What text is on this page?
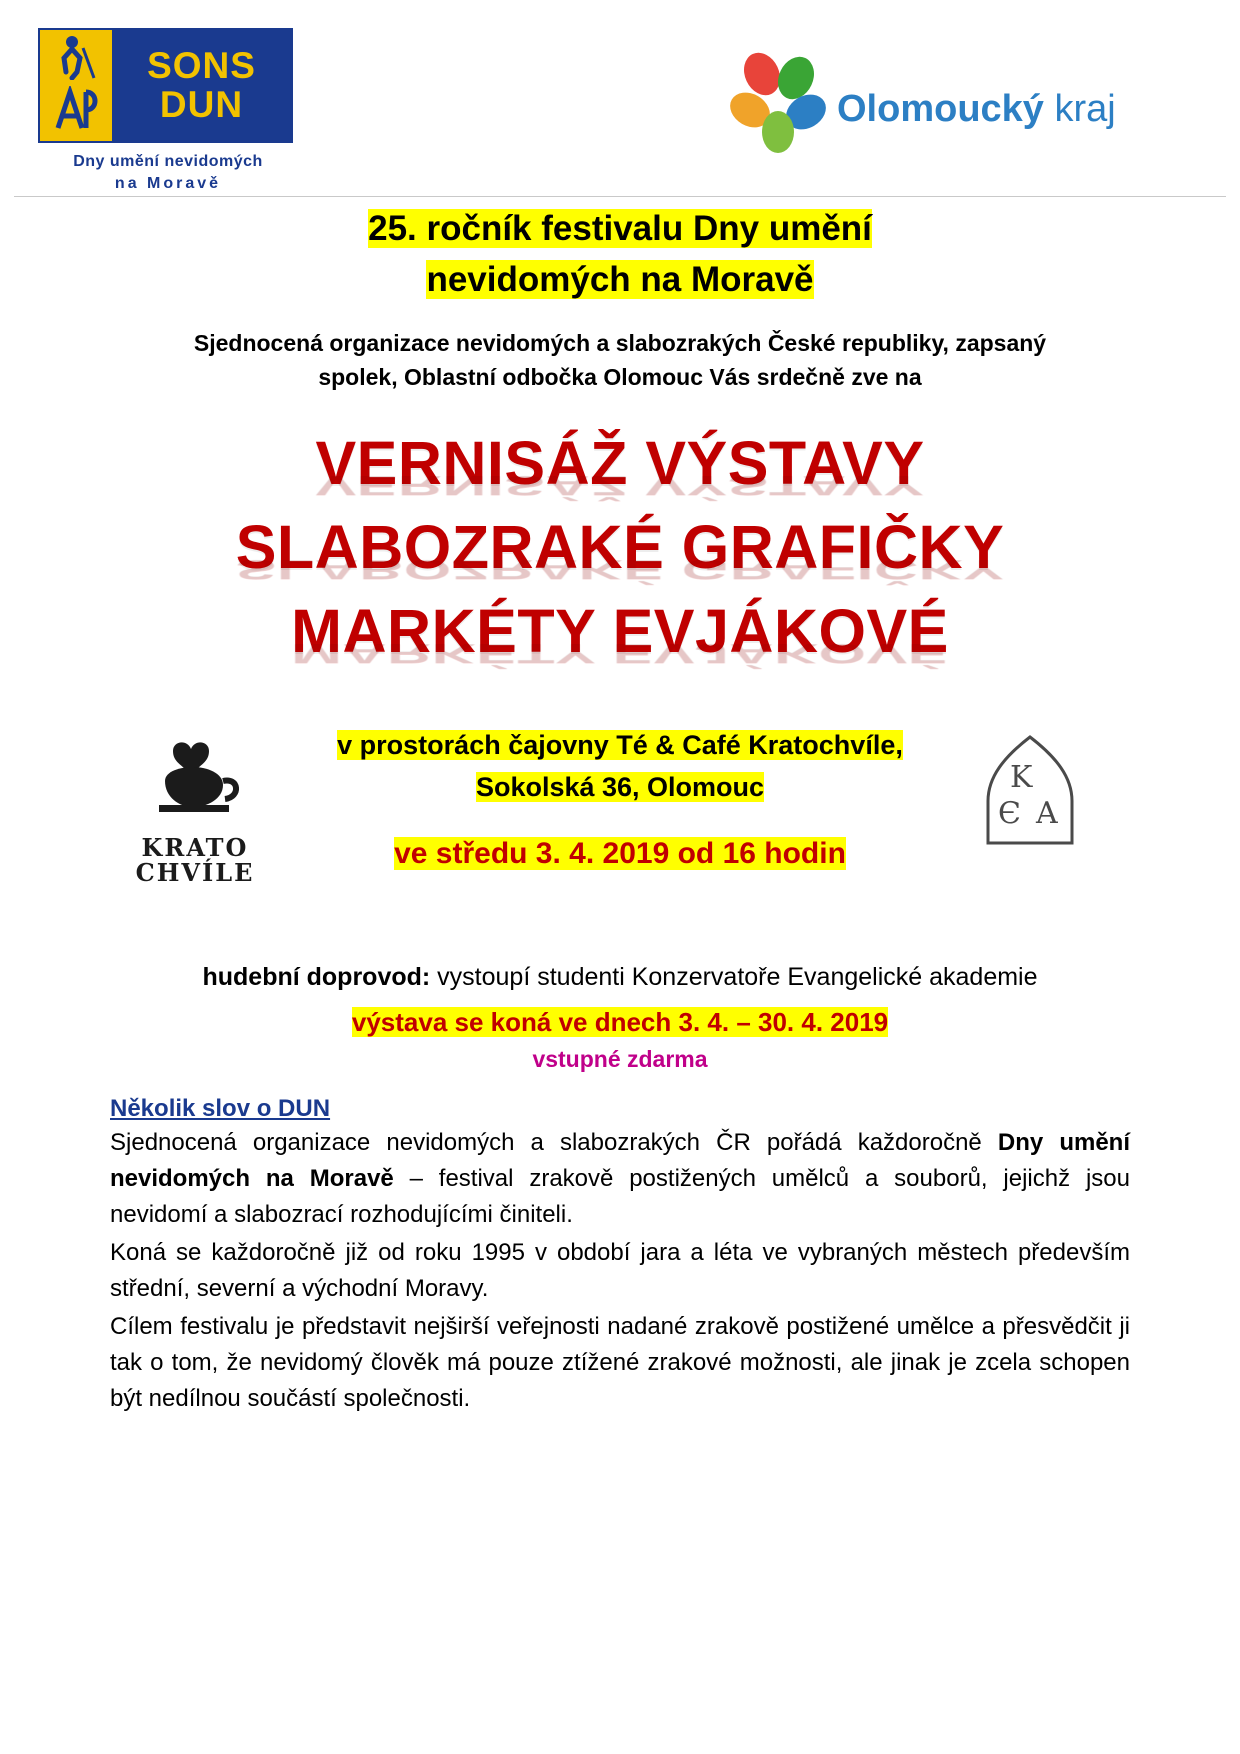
SONS
DUN
Dny umění nevidomých
na Moravě
Olomoucký kraj
25. ročník festivalu Dny umění
nevidomých na Moravě
Sjednocená organizace nevidomých a slabozrakých České republiky, zapsaný spolek, Oblastní odbočka Olomouc Vás srdečně zve na
VERNISÁŽ VÝSTAVY VERNISÁŽ VÝSTAVY
SLABOZRAKÉ GRAFIČKY SLABOZRAKÉ GRAFIČKY
MARKÉTY EVJÁKOVÉ MARKÉTY EVJÁKOVÉ
KRATO
CHVÍLE
K
Є A
v prostorách čajovny Té & Café Kratochvíle,
Sokolská 36, Olomouc
ve středu 3. 4. 2019 od 16 hodin
hudební doprovod: vystoupí studenti Konzervatoře Evangelické akademie
výstava se koná ve dnech 3. 4. – 30. 4. 2019
vstupné zdarma
Několik slov o DUN

Sjednocená organizace nevidomých a slabozrakých ČR pořádá každoročně Dny umění nevidomých na Moravě – festival zrakově postižených umělců a souborů, jejichž jsou nevidomí a slabozrací rozhodujícími činiteli.

Koná se každoročně již od roku 1995 v období jara a léta ve vybraných městech především střední, severní a východní Moravy.

Cílem festivalu je představit nejširší veřejnosti nadané zrakově postižené umělce a přesvědčit ji tak o tom, že nevidomý člověk má pouze ztížené zrakové možnosti, ale jinak je zcela schopen být nedílnou součástí společnosti.
